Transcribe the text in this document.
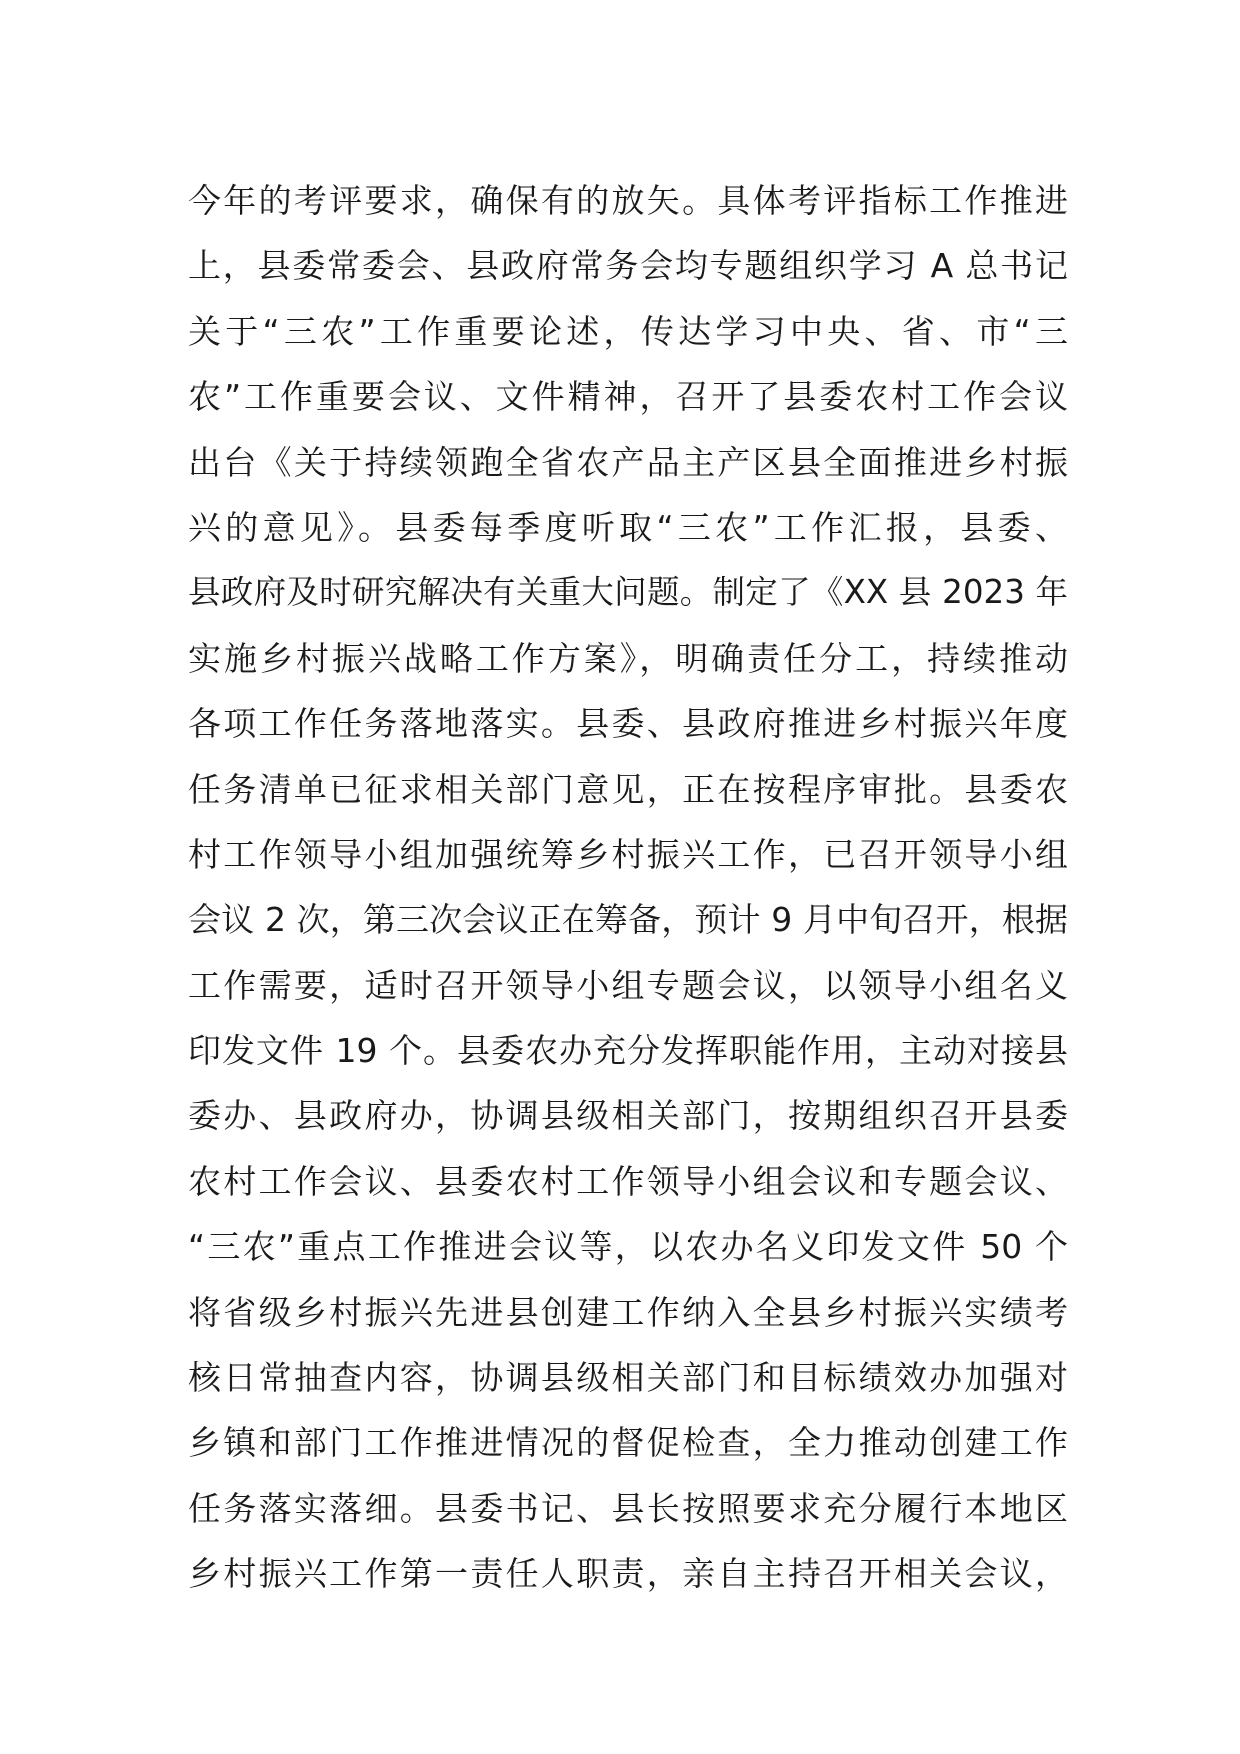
今年的考评要求，确保有的放矢。具体考评指标工作推进
上，县委常委会、县政府常务会均专题组织学习 A 总书记
关于“三农”工作重要论述，传达学习中央、省、市“三
农”工作重要会议、文件精神，召开了县委农村工作会议
出台《关于持续领跑全省农产品主产区县全面推进乡村振
兴的意见》。县委每季度听取“三农”工作汇报，县委、
县政府及时研究解决有关重大问题。制定了《XX 县 2023 年
实施乡村振兴战略工作方案》，明确责任分工，持续推动
各项工作任务落地落实。县委、县政府推进乡村振兴年度
任务清单已征求相关部门意见，正在按程序审批。县委农
村工作领导小组加强统筹乡村振兴工作，已召开领导小组
会议 2 次，第三次会议正在筹备，预计 9 月中旬召开，根据
工作需要，适时召开领导小组专题会议，以领导小组名义
印发文件 19 个。县委农办充分发挥职能作用，主动对接县
委办、县政府办，协调县级相关部门，按期组织召开县委
农村工作会议、县委农村工作领导小组会议和专题会议、
“三农”重点工作推进会议等，以农办名义印发文件 50 个
将省级乡村振兴先进县创建工作纳入全县乡村振兴实绩考
核日常抽查内容，协调县级相关部门和目标绩效办加强对
乡镇和部门工作推进情况的督促检查，全力推动创建工作
任务落实落细。县委书记、县长按照要求充分履行本地区
乡村振兴工作第一责任人职责，亲自主持召开相关会议，
